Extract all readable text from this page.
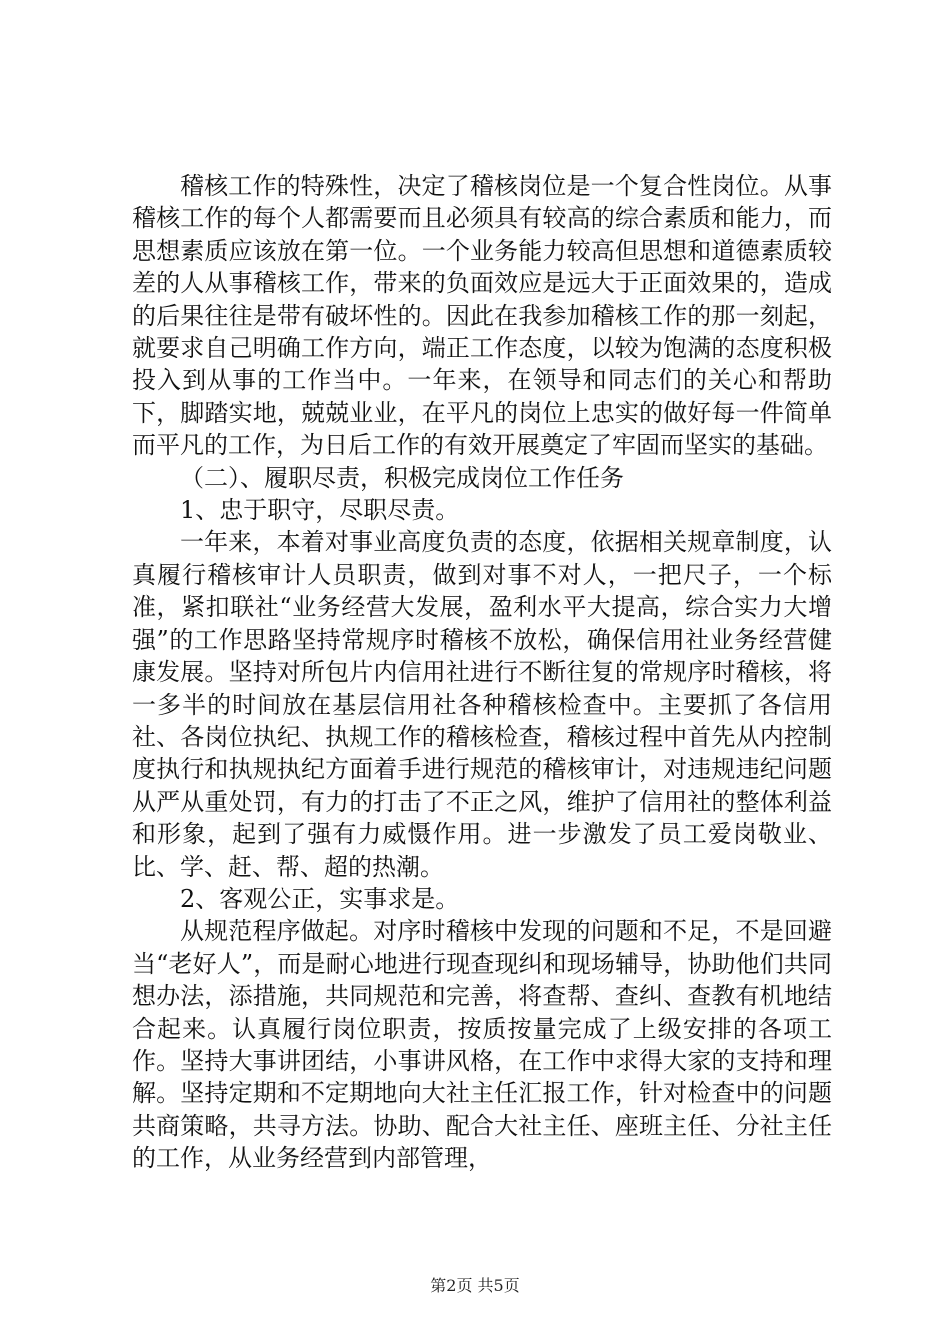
稽核工作的特殊性，决定了稽核岗位是一个复合性岗位。从事稽核工作的每个人都需要而且必须具有较高的综合素质和能力，而思想素质应该放在第一位。一个业务能力较高但思想和道德素质较差的人从事稽核工作，带来的负面效应是远大于正面效果的，造成的后果往往是带有破坏性的。因此在我参加稽核工作的那一刻起，就要求自己明确工作方向，端正工作态度，以较为饱满的态度积极投入到从事的工作当中。一年来，在领导和同志们的关心和帮助下，脚踏实地，兢兢业业，在平凡的岗位上忠实的做好每一件简单而平凡的工作，为日后工作的有效开展奠定了牢固而坚实的基础。

（二）、履职尽责，积极完成岗位工作任务

1、忠于职守，尽职尽责。

一年来，本着对事业高度负责的态度，依据相关规章制度，认真履行稽核审计人员职责，做到对事不对人，一把尺子，一个标准，紧扣联社“业务经营大发展，盈利水平大提高，综合实力大增强”的工作思路坚持常规序时稽核不放松，确保信用社业务经营健康发展。坚持对所包片内信用社进行不断往复的常规序时稽核，将一多半的时间放在基层信用社各种稽核检查中。主要抓了各信用社、各岗位执纪、执规工作的稽核检查，稽核过程中首先从内控制度执行和执规执纪方面着手进行规范的稽核审计，对违规违纪问题从严从重处罚，有力的打击了不正之风，维护了信用社的整体利益和形象，起到了强有力威慑作用。进一步激发了员工爱岗敬业、比、学、赶、帮、超的热潮。

2、客观公正，实事求是。

从规范程序做起。对序时稽核中发现的问题和不足，不是回避当“老好人”，而是耐心地进行现查现纠和现场辅导，协助他们共同想办法，添措施，共同规范和完善，将查帮、查纠、查教有机地结合起来。认真履行岗位职责，按质按量完成了上级安排的各项工作。坚持大事讲团结，小事讲风格，在工作中求得大家的支持和理解。坚持定期和不定期地向大社主任汇报工作，针对检查中的问题共商策略，共寻方法。协助、配合大社主任、座班主任、分社主任的工作，从业务经营到内部管理，

第2页 共5页
